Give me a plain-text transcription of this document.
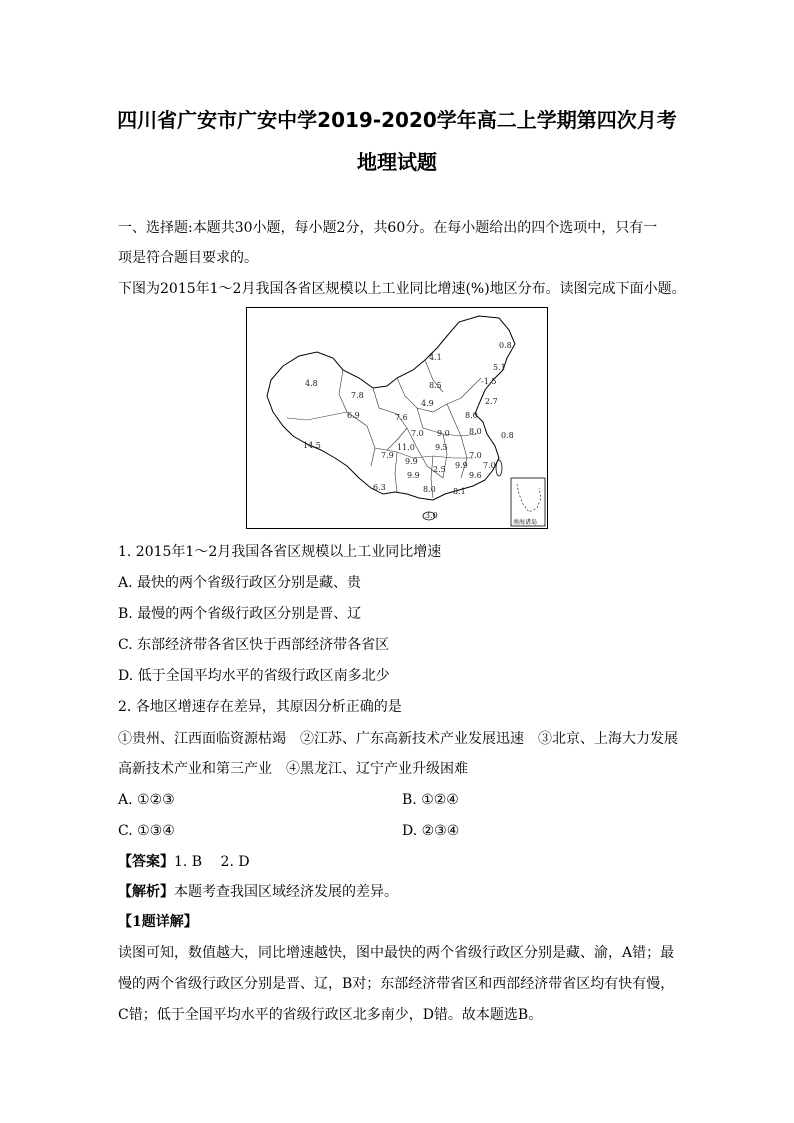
四川省广安市广安中学2019-2020学年高二上学期第四次月考
地理试题
一、选择题:本题共30小题，每小题2分，共60分。在每小题给出的四个选项中，只有一
项是符合题目要求的。
下图为2015年1～2月我国各省区规模以上工业同比增速(%)地区分布。读图完成下面小题。
0.8
4.1
5.1
-1.5
8.5
2.7
4.8
7.8
6.9
4.9
8.0
7.6
9.0
9.5
8.0 0.8
14.5	11.0
7.0
7.9	7.0
9.9
2.5
9.9	9.6
6.3	8.0 8.1
7.0
9.9
3.0
南海诸岛
1. 2015年1～2月我国各省区规模以上工业同比增速
A. 最快的两个省级行政区分别是藏、贵
B. 最慢的两个省级行政区分别是晋、辽
C. 东部经济带各省区快于西部经济带各省区
D. 低于全国平均水平的省级行政区南多北少
2. 各地区增速存在差异，其原因分析正确的是
①贵州、江西面临资源枯竭　②江苏、广东高新技术产业发展迅速　③北京、上海大力发展
高新技术产业和第三产业　④黑龙江、辽宁产业升级困难
A. ①②③	B. ①②④
C. ①③④	D. ②③④
【答案】1. B　 2. D
【解析】本题考查我国区域经济发展的差异。
【1题详解】
读图可知，数值越大，同比增速越快，图中最快的两个省级行政区分别是藏、渝，A错；最
慢的两个省级行政区分别是晋、辽，B对；东部经济带省区和西部经济带省区均有快有慢，
C错；低于全国平均水平的省级行政区北多南少，D错。故本题选B。
